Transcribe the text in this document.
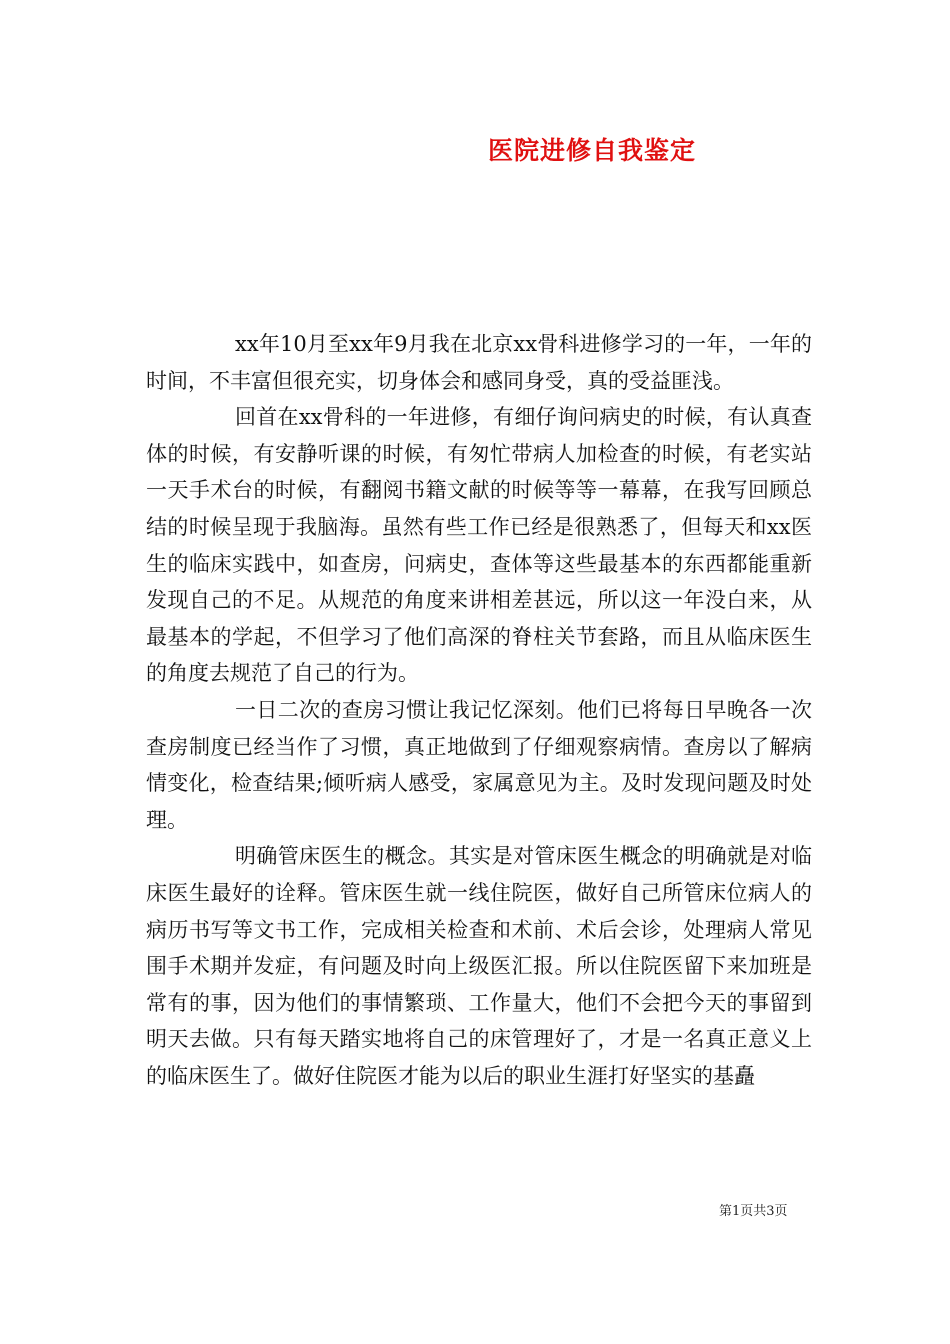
医院进修自我鉴定

xx年10月至xx年9月我在北京xx骨科进修学习的一年，一年的时间，不丰富但很充实，切身体会和感同身受，真的受益匪浅。

回首在xx骨科的一年进修，有细仔询问病史的时候，有认真查体的时候，有安静听课的时候，有匆忙带病人加检查的时候，有老实站一天手术台的时候，有翻阅书籍文献的时候等等一幕幕，在我写回顾总结的时候呈现于我脑海。虽然有些工作已经是很熟悉了，但每天和xx医生的临床实践中，如查房，问病史，查体等这些最基本的东西都能重新发现自己的不足。从规范的角度来讲相差甚远，所以这一年没白来，从最基本的学起，不但学习了他们高深的脊柱关节套路，而且从临床医生的角度去规范了自己的行为。

一日二次的查房习惯让我记忆深刻。他们已将每日早晚各一次查房制度已经当作了习惯，真正地做到了仔细观察病情。查房以了解病情变化，检查结果;倾听病人感受，家属意见为主。及时发现问题及时处理。

明确管床医生的概念。其实是对管床医生概念的明确就是对临床医生最好的诠释。管床医生就一线住院医，做好自己所管床位病人的病历书写等文书工作，完成相关检查和术前、术后会诊，处理病人常见围手术期并发症，有问题及时向上级医汇报。所以住院医留下来加班是常有的事，因为他们的事情繁琐、工作量大，他们不会把今天的事留到明天去做。只有每天踏实地将自己的床管理好了，才是一名真正意义上的临床医生了。做好住院医才能为以后的职业生涯打好坚实的基矗

第1页共3页
